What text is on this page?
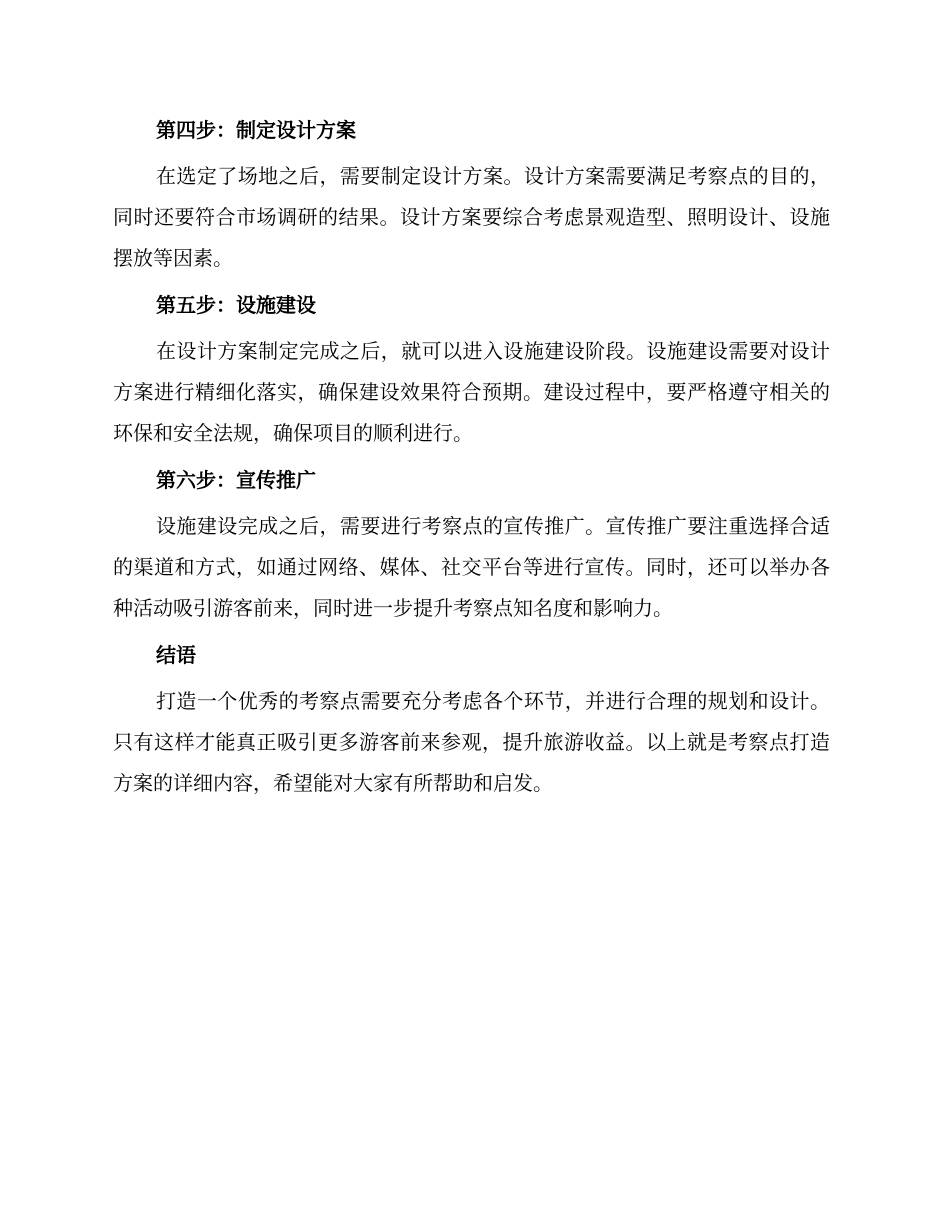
第四步：制定设计方案

在选定了场地之后，需要制定设计方案。设计方案需要满足考察点的目的，同时还要符合市场调研的结果。设计方案要综合考虑景观造型、照明设计、设施摆放等因素。

第五步：设施建设

在设计方案制定完成之后，就可以进入设施建设阶段。设施建设需要对设计方案进行精细化落实，确保建设效果符合预期。建设过程中，要严格遵守相关的环保和安全法规，确保项目的顺利进行。

第六步：宣传推广

设施建设完成之后，需要进行考察点的宣传推广。宣传推广要注重选择合适的渠道和方式，如通过网络、媒体、社交平台等进行宣传。同时，还可以举办各种活动吸引游客前来，同时进一步提升考察点知名度和影响力。

结语

打造一个优秀的考察点需要充分考虑各个环节，并进行合理的规划和设计。只有这样才能真正吸引更多游客前来参观，提升旅游收益。以上就是考察点打造方案的详细内容，希望能对大家有所帮助和启发。
